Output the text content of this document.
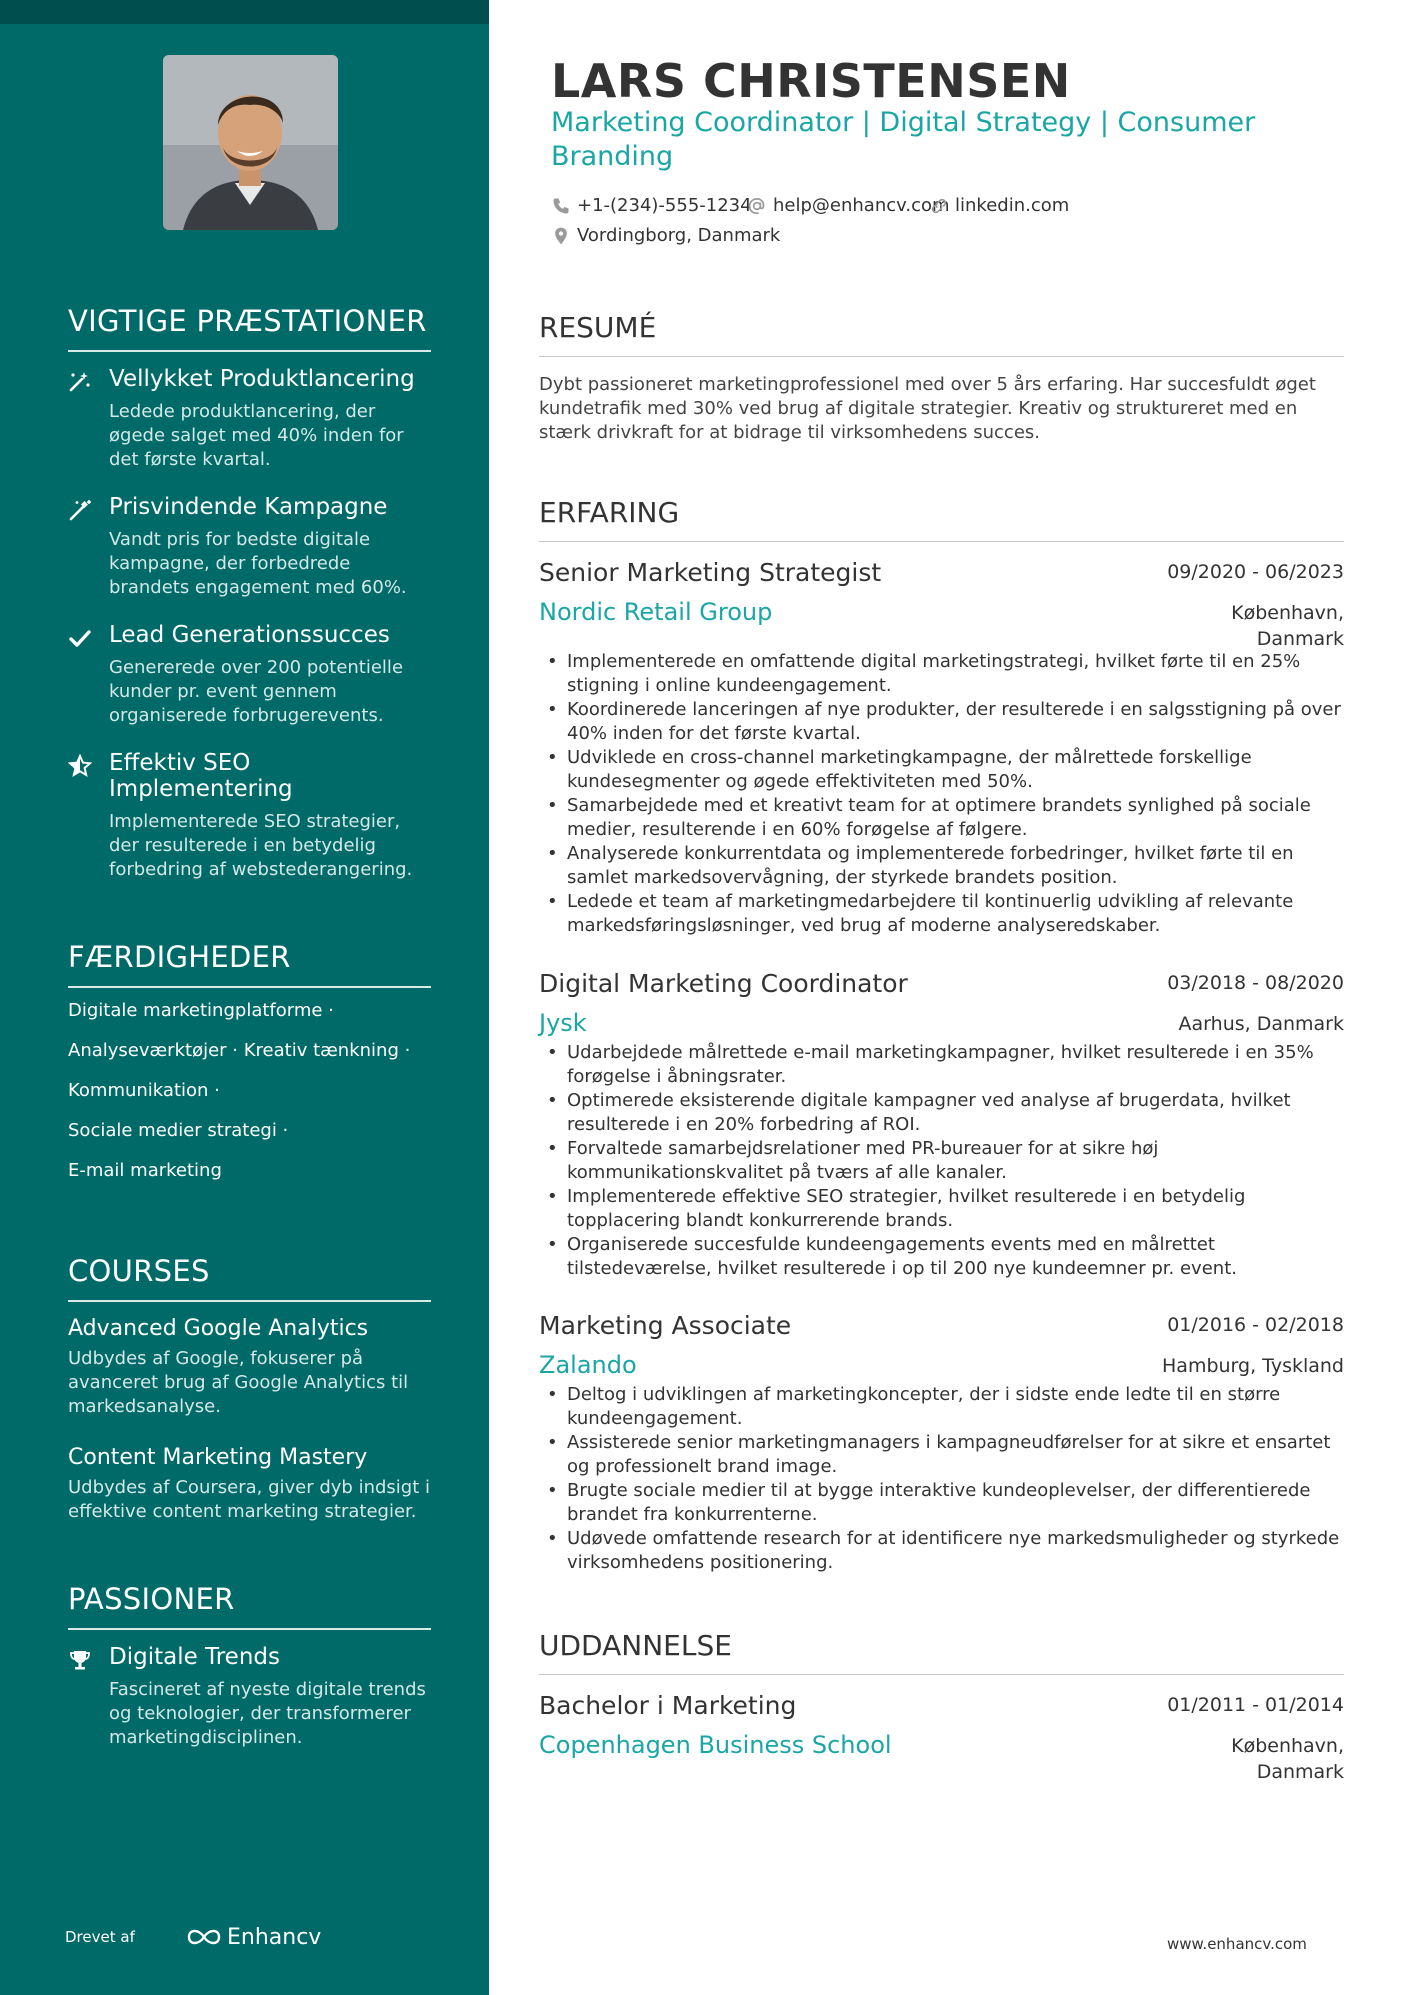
VIGTIGE PRÆSTATIONER
Vellykket Produktlancering
Ledede produktlancering, der øgede salget med 40% inden for det første kvartal.
Prisvindende Kampagne
Vandt pris for bedste digitale kampagne, der forbedrede brandets engagement med 60%.
Lead Generationssucces
Genererede over 200 potentielle kunder pr. event gennem organiserede forbrugerevents.
Effektiv SEO Implementering
Implementerede SEO strategier, der resulterede i en betydelig forbedring af webstederangering.
FÆRDIGHEDER
Digitale marketingplatforme ·
Analyseværktøjer · Kreativ tænkning ·
Kommunikation ·
Sociale medier strategi ·
E-mail marketing
COURSES
Advanced Google Analytics
Udbydes af Google, fokuserer på avanceret brug af Google Analytics til markedsanalyse.
Content Marketing Mastery
Udbydes af Coursera, giver dyb indsigt i effektive content marketing strategier.
PASSIONER
Digitale Trends
Fascineret af nyeste digitale trends og teknologier, der transformerer marketingdisciplinen.
Drevet af	Enhancv
LARS CHRISTENSEN
Marketing Coordinator | Digital Strategy | Consumer Branding
+1-(234)-555-1234 help@enhancv.com linkedin.com
Vordingborg, Danmark
RESUMÉ
Dybt passioneret marketingprofessionel med over 5 års erfaring. Har succesfuldt øget kundetrafik med 30% ved brug af digitale strategier. Kreativ og struktureret med en stærk drivkraft for at bidrage til virksomhedens succes.
ERFARING
Senior Marketing Strategist	09/2020 - 06/2023
Nordic Retail Group	København, Danmark
• Implementerede en omfattende digital marketingstrategi, hvilket førte til en 25% stigning i online kundeengagement.
• Koordinerede lanceringen af nye produkter, der resulterede i en salgsstigning på over 40% inden for det første kvartal.
• Udviklede en cross-channel marketingkampagne, der målrettede forskellige kundesegmenter og øgede effektiviteten med 50%.
• Samarbejdede med et kreativt team for at optimere brandets synlighed på sociale medier, resulterende i en 60% forøgelse af følgere.
• Analyserede konkurrentdata og implementerede forbedringer, hvilket førte til en samlet markedsovervågning, der styrkede brandets position.
• Ledede et team af marketingmedarbejdere til kontinuerlig udvikling af relevante markedsføringsløsninger, ved brug af moderne analyseredskaber.
Digital Marketing Coordinator	03/2018 - 08/2020
Jysk	Aarhus, Danmark
• Udarbejdede målrettede e-mail marketingkampagner, hvilket resulterede i en 35% forøgelse i åbningsrater.
• Optimerede eksisterende digitale kampagner ved analyse af brugerdata, hvilket resulterede i en 20% forbedring af ROI.
• Forvaltede samarbejdsrelationer med PR-bureauer for at sikre høj kommunikationskvalitet på tværs af alle kanaler.
• Implementerede effektive SEO strategier, hvilket resulterede i en betydelig topplacering blandt konkurrerende brands.
• Organiserede succesfulde kundeengagements events med en målrettet tilstedeværelse, hvilket resulterede i op til 200 nye kundeemner pr. event.
Marketing Associate	01/2016 - 02/2018
Zalando	Hamburg, Tyskland
• Deltog i udviklingen af marketingkoncepter, der i sidste ende ledte til en større kundeengagement.
• Assisterede senior marketingmanagers i kampagneudførelser for at sikre et ensartet og professionelt brand image.
• Brugte sociale medier til at bygge interaktive kundeoplevelser, der differentierede brandet fra konkurrenterne.
• Udøvede omfattende research for at identificere nye markedsmuligheder og styrkede virksomhedens positionering.
UDDANNELSE
Bachelor i Marketing	01/2011 - 01/2014
Copenhagen Business School	København, Danmark
www.enhancv.com
